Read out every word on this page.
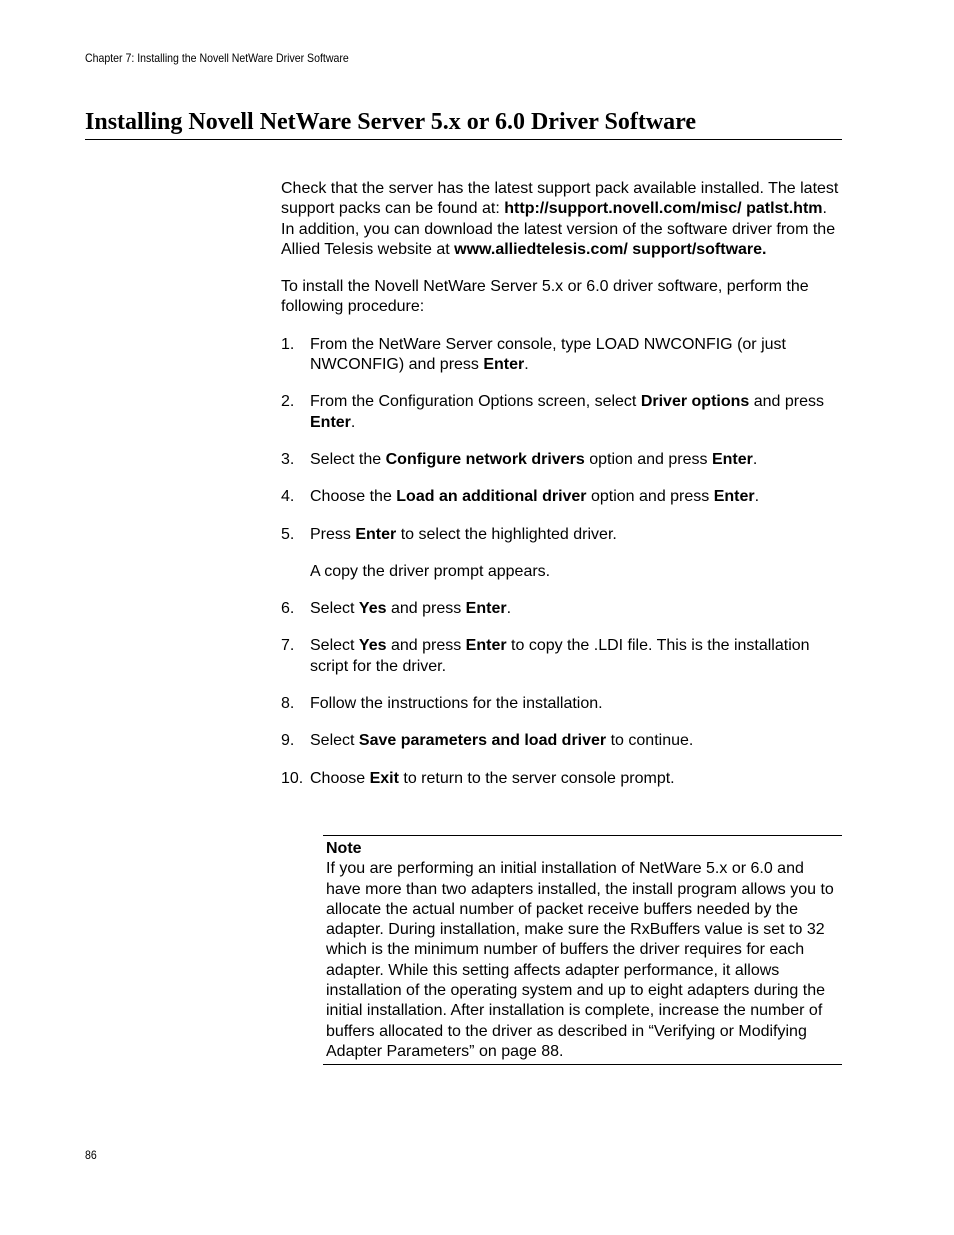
Chapter 7: Installing the Novell NetWare Driver Software
Installing Novell NetWare Server 5.x or 6.0 Driver Software

Check that the server has the latest support pack available installed. The latest support packs can be found at: http://support.novell.com/misc/ patlst.htm. In addition, you can download the latest version of the software driver from the Allied Telesis website at www.alliedtelesis.com/ support/software.

To install the Novell NetWare Server 5.x or 6.0 driver software, perform the following procedure:

1. From the NetWare Server console, type LOAD NWCONFIG (or just NWCONFIG) and press Enter.
2. From the Configuration Options screen, select Driver options and press Enter.
3. Select the Configure network drivers option and press Enter.
4. Choose the Load an additional driver option and press Enter.
5. Press Enter to select the highlighted driver.
A copy the driver prompt appears.
6. Select Yes and press Enter.
7. Select Yes and press Enter to copy the .LDI file. This is the installation script for the driver.
8. Follow the instructions for the installation.
9. Select Save parameters and load driver to continue.
10. Choose Exit to return to the server console prompt.
Note
If you are performing an initial installation of NetWare 5.x or 6.0 and have more than two adapters installed, the install program allows you to allocate the actual number of packet receive buffers needed by the adapter. During installation, make sure the RxBuffers value is set to 32 which is the minimum number of buffers the driver requires for each adapter. While this setting affects adapter performance, it allows installation of the operating system and up to eight adapters during the initial installation. After installation is complete, increase the number of buffers allocated to the driver as described in “Verifying or Modifying Adapter Parameters” on page 88.
86
